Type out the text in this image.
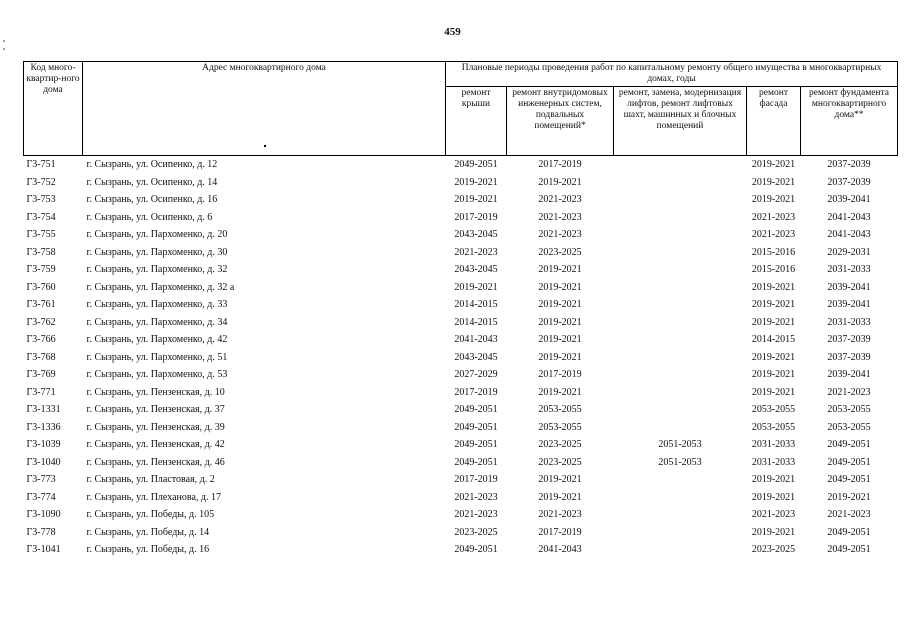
459
Код много-квартир-ного дома	Адрес многоквартирного дома	Плановые периоды проведения работ по капитальному ремонту общего имущества в многоквартирных домах, годы				
		ремонт крыши	ремонт внутридомовых инженерных систем, подвальных помещений*	ремонт, замена, модернизация лифтов, ремонт лифтовых шахт, машинных и блочных помещений	ремонт фасада	ремонт фундамента многоквартирного дома**
Г3-751	г. Сызрань, ул. Осипенко, д. 12	2049-2051	2017-2019		2019-2021	2037-2039
Г3-752	г. Сызрань, ул. Осипенко, д. 14	2019-2021	2019-2021		2019-2021	2037-2039
Г3-753	г. Сызрань, ул. Осипенко, д. 16	2019-2021	2021-2023		2019-2021	2039-2041
Г3-754	г. Сызрань, ул. Осипенко, д. 6	2017-2019	2021-2023		2021-2023	2041-2043
Г3-755	г. Сызрань, ул. Пархоменко, д. 20	2043-2045	2021-2023		2021-2023	2041-2043
Г3-758	г. Сызрань, ул. Пархоменко, д. 30	2021-2023	2023-2025		2015-2016	2029-2031
Г3-759	г. Сызрань, ул. Пархоменко, д. 32	2043-2045	2019-2021		2015-2016	2031-2033
Г3-760	г. Сызрань, ул. Пархоменко, д. 32 а	2019-2021	2019-2021		2019-2021	2039-2041
Г3-761	г. Сызрань, ул. Пархоменко, д. 33	2014-2015	2019-2021		2019-2021	2039-2041
Г3-762	г. Сызрань, ул. Пархоменко, д. 34	2014-2015	2019-2021		2019-2021	2031-2033
Г3-766	г. Сызрань, ул. Пархоменко, д. 42	2041-2043	2019-2021		2014-2015	2037-2039
Г3-768	г. Сызрань, ул. Пархоменко, д. 51	2043-2045	2019-2021		2019-2021	2037-2039
Г3-769	г. Сызрань, ул. Пархоменко, д. 53	2027-2029	2017-2019		2019-2021	2039-2041
Г3-771	г. Сызрань, ул. Пензенская, д. 10	2017-2019	2019-2021		2019-2021	2021-2023
Г3-1331	г. Сызрань, ул. Пензенская, д. 37	2049-2051	2053-2055		2053-2055	2053-2055
Г3-1336	г. Сызрань, ул. Пензенская, д. 39	2049-2051	2053-2055		2053-2055	2053-2055
Г3-1039	г. Сызрань, ул. Пензенская, д. 42	2049-2051	2023-2025	2051-2053	2031-2033	2049-2051
Г3-1040	г. Сызрань, ул. Пензенская, д. 46	2049-2051	2023-2025	2051-2053	2031-2033	2049-2051
Г3-773	г. Сызрань, ул. Пластовая, д. 2	2017-2019	2019-2021		2019-2021	2049-2051
Г3-774	г. Сызрань, ул. Плеханова, д. 17	2021-2023	2019-2021		2019-2021	2019-2021
Г3-1090	г. Сызрань, ул. Победы, д. 105	2021-2023	2021-2023		2021-2023	2021-2023
Г3-778	г. Сызрань, ул. Победы, д. 14	2023-2025	2017-2019		2019-2021	2049-2051
Г3-1041	г. Сызрань, ул. Победы, д. 16	2049-2051	2041-2043		2023-2025	2049-2051
